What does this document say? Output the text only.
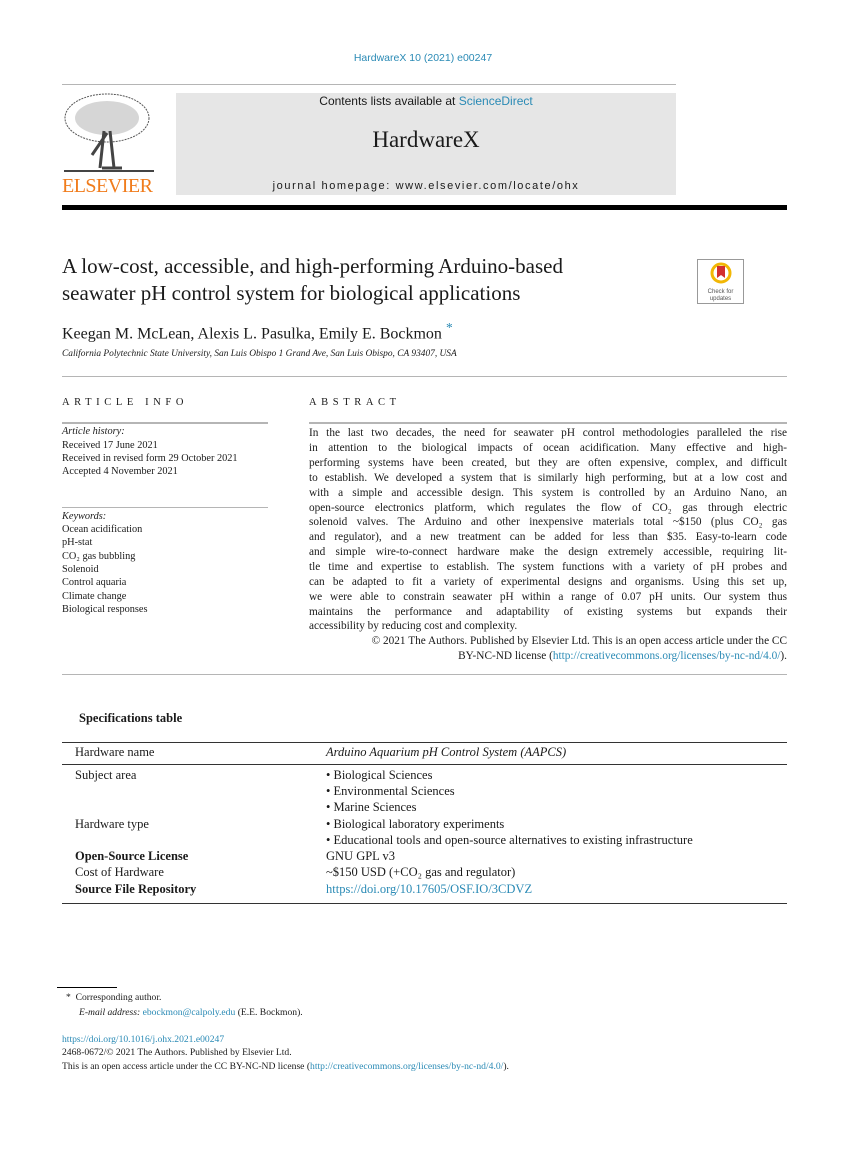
HardwareX 10 (2021) e00247
ELSEVIER
Contents lists available at ScienceDirect
HardwareX
journal homepage: www.elsevier.com/locate/ohx
A low-cost, accessible, and high-performing Arduino-based
seawater pH control system for biological applications	Check for updates
Keegan M. McLean, Alexis L. Pasulka, Emily E. Bockmon *
California Polytechnic State University, San Luis Obispo 1 Grand Ave, San Luis Obispo, CA 93407, USA
ARTICLE INFO	ABSTRACT
Article history:
Received 17 June 2021
Received in revised form 29 October 2021
Accepted 4 November 2021
Keywords:
Ocean acidification
pH-stat
CO₂ gas bubbling
Solenoid
Control aquaria
Climate change
Biological responses
In the last two decades, the need for seawater pH control methodologies paralleled the rise
in attention to the biological impacts of ocean acidification. Many effective and high-
performing systems have been created, but they are often expensive, complex, and difficult
to establish. We developed a system that is similarly high performing, but at a low cost and
with a simple and accessible design. This system is controlled by an Arduino Nano, an
open-source electronics platform, which regulates the flow of CO₂ gas through electric
solenoid valves. The Arduino and other inexpensive materials total ~$150 (plus CO₂ gas
and regulator), and a new treatment can be added for less than $35. Easy-to-learn code
and simple wire-to-connect hardware make the design extremely accessible, requiring lit-
tle time and expertise to establish. The system functions with a variety of pH probes and
can be adapted to fit a variety of experimental designs and organisms. Using this set up,
we were able to constrain seawater pH within a range of 0.07 pH units. Our system thus
maintains the performance and adaptability of existing systems but expands their
accessibility by reducing cost and complexity.
© 2021 The Authors. Published by Elsevier Ltd. This is an open access article under the CC
BY-NC-ND license (http://creativecommons.org/licenses/by-nc-nd/4.0/).
Specifications table
Hardware name	Arduino Aquarium pH Control System (AAPCS)
Subject area	• Biological Sciences
• Environmental Sciences
• Marine Sciences
Hardware type	• Biological laboratory experiments
• Educational tools and open-source alternatives to existing infrastructure
Open-Source License	GNU GPL v3
Cost of Hardware	~$150 USD (+CO₂ gas and regulator)
Source File Repository	https://doi.org/10.17605/OSF.IO/3CDVZ
* Corresponding author.
E-mail address: ebockmon@calpoly.edu (E.E. Bockmon).
https://doi.org/10.1016/j.ohx.2021.e00247
2468-0672/© 2021 The Authors. Published by Elsevier Ltd.
This is an open access article under the CC BY-NC-ND license (http://creativecommons.org/licenses/by-nc-nd/4.0/).
